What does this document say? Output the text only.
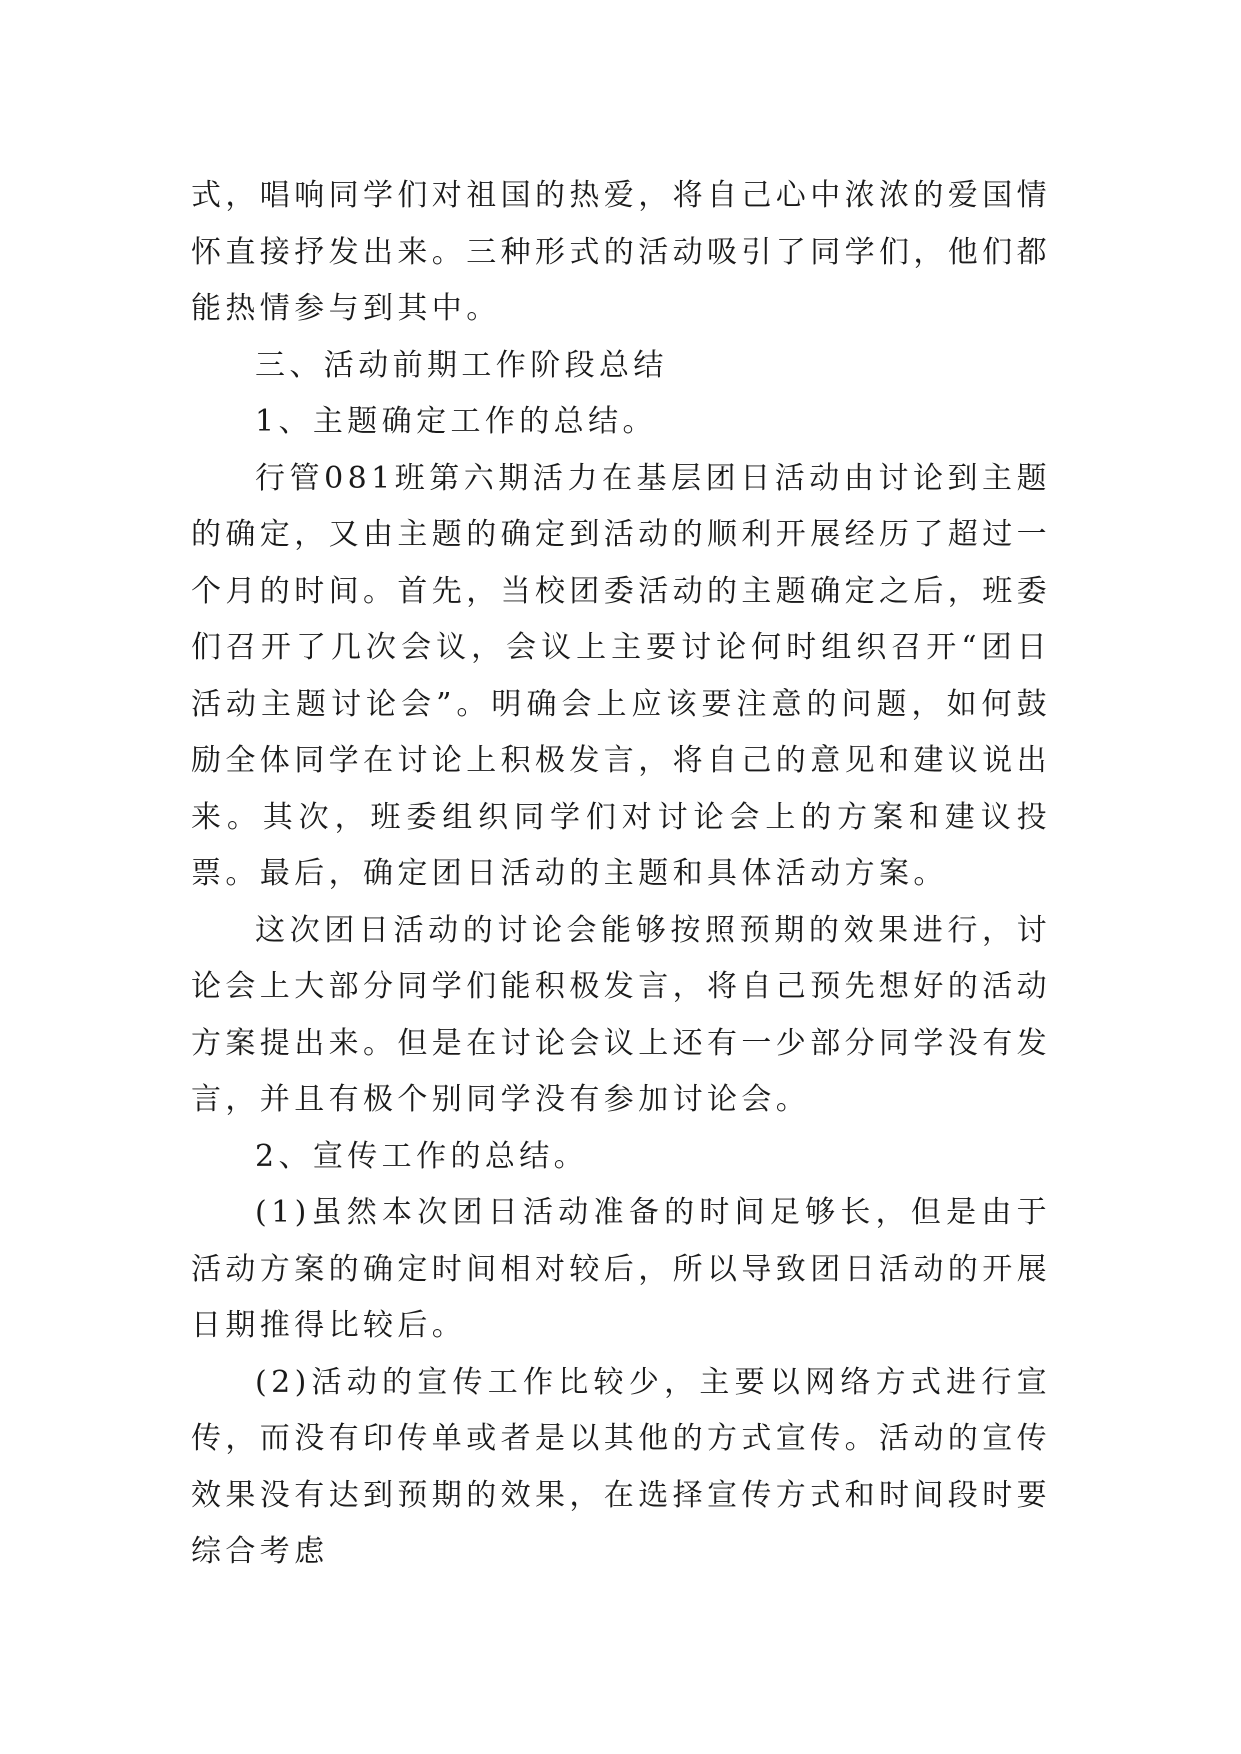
式，唱响同学们对祖国的热爱，将自己心中浓浓的爱国情怀直接抒发出来。三种形式的活动吸引了同学们，他们都能热情参与到其中。

三、活动前期工作阶段总结

1、主题确定工作的总结。

行管081班第六期活力在基层团日活动由讨论到主题的确定，又由主题的确定到活动的顺利开展经历了超过一个月的时间。首先，当校团委活动的主题确定之后，班委们召开了几次会议，会议上主要讨论何时组织召开“团日活动主题讨论会”。明确会上应该要注意的问题，如何鼓励全体同学在讨论上积极发言，将自己的意见和建议说出来。其次，班委组织同学们对讨论会上的方案和建议投票。最后，确定团日活动的主题和具体活动方案。

这次团日活动的讨论会能够按照预期的效果进行，讨论会上大部分同学们能积极发言，将自己预先想好的活动方案提出来。但是在讨论会议上还有一少部分同学没有发言，并且有极个别同学没有参加讨论会。

2、宣传工作的总结。

(1)虽然本次团日活动准备的时间足够长，但是由于活动方案的确定时间相对较后，所以导致团日活动的开展日期推得比较后。

(2)活动的宣传工作比较少，主要以网络方式进行宣传，而没有印传单或者是以其他的方式宣传。活动的宣传效果没有达到预期的效果，在选择宣传方式和时间段时要综合考虑
